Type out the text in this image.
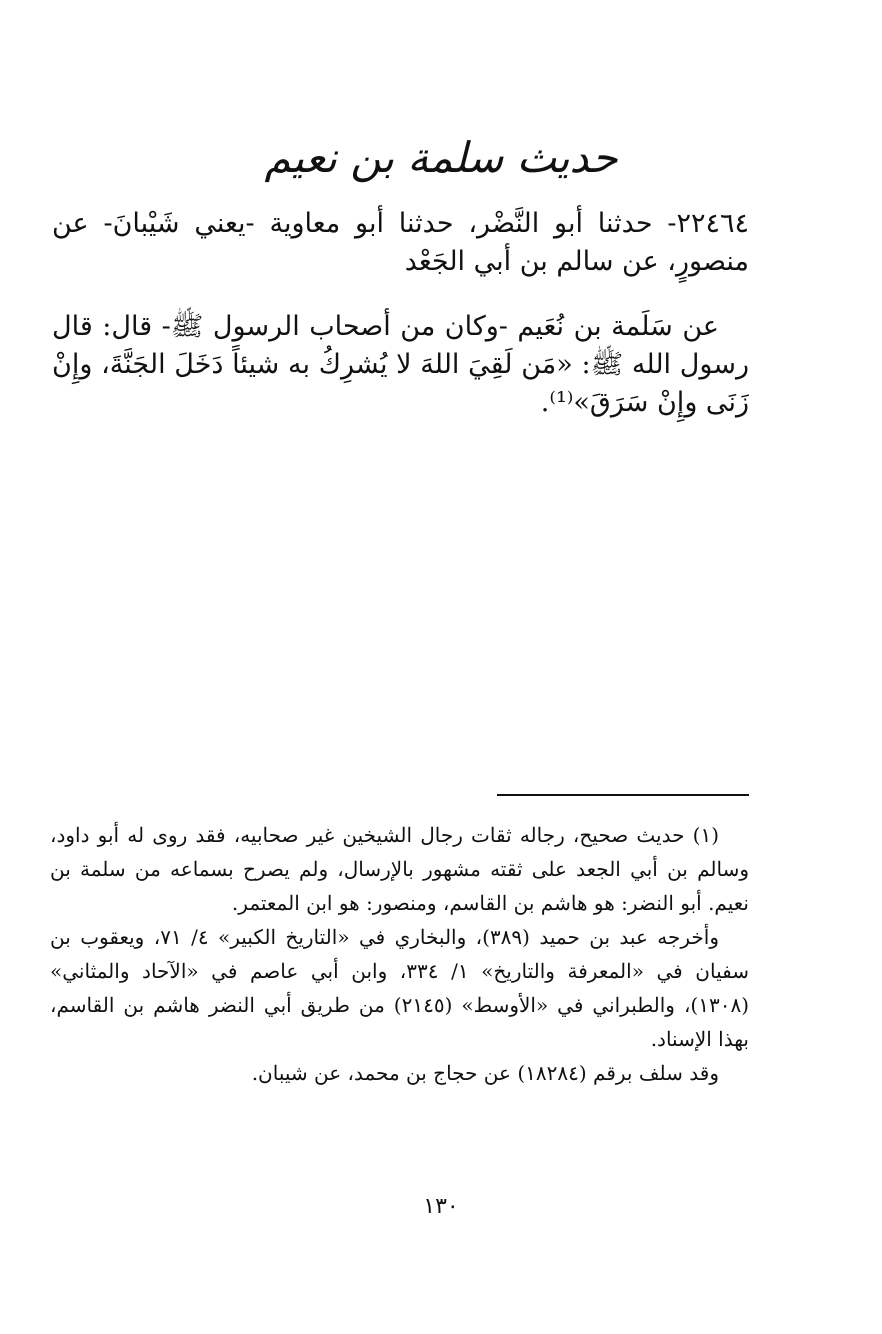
حديث سلمة بن نعيم
٢٢٤٦٤- حدثنا أبو النَّضْر، حدثنا أبو معاوية -يعني شَيْبانَ- عن منصورٍ، عن سالم بن أبي الجَعْد
عن سَلَمة بن نُعَيم -وكان من أصحاب الرسول ﷺ- قال: قال رسول الله ﷺ: «مَن لَقِيَ اللهَ لا يُشرِكُ به شيئاً دَخَلَ الجَنَّةَ، وإِنْ زَنَى وإِنْ سَرَقَ»⁽¹⁾.

(١) حديث صحيح، رجاله ثقات رجال الشيخين غير صحابيه، فقد روى له أبو داود، وسالم بن أبي الجعد على ثقته مشهور بالإرسال، ولم يصرح بسماعه من سلمة بن نعيم. أبو النضر: هو هاشم بن القاسم، ومنصور: هو ابن المعتمر.

وأخرجه عبد بن حميد (٣٨٩)، والبخاري في «التاريخ الكبير» ٤/ ٧١، ويعقوب بن سفيان في «المعرفة والتاريخ» ١/ ٣٣٤، وابن أبي عاصم في «الآحاد والمثاني» (١٣٠٨)، والطبراني في «الأوسط» (٢١٤٥) من طريق أبي النضر هاشم بن القاسم، بهذا الإسناد.

وقد سلف برقم (١٨٢٨٤) عن حجاج بن محمد، عن شيبان.

١٣٠
